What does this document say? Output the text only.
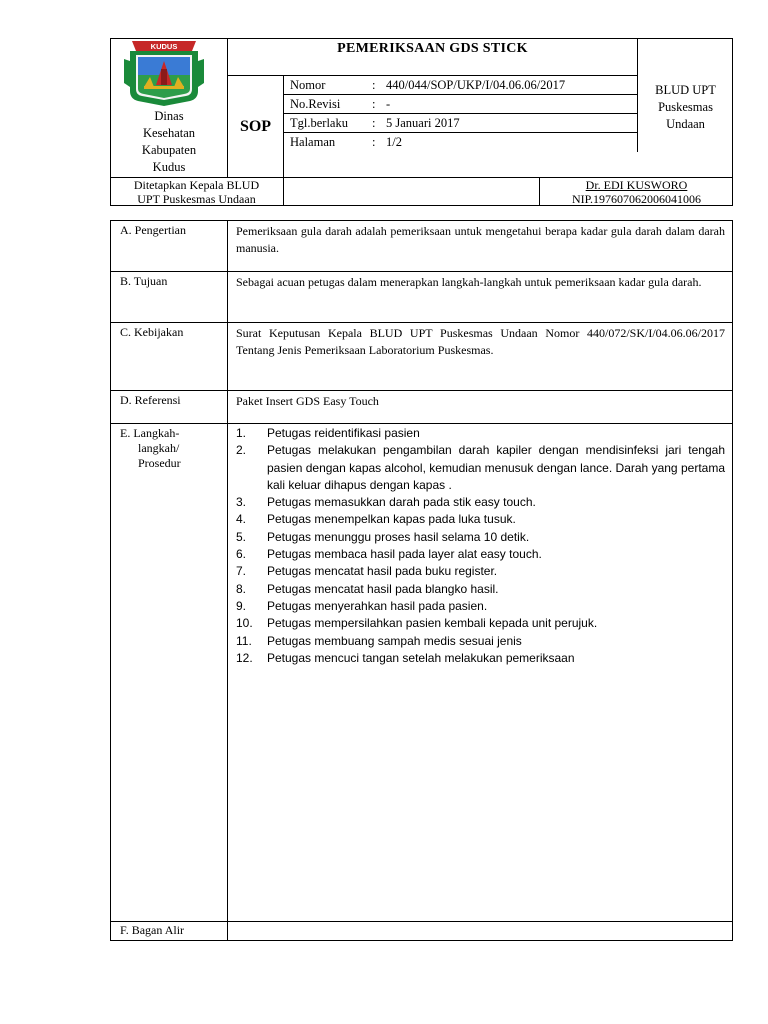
KUDUS
Dinas
Kesehatan
Kabupaten
Kudus
PEMERIKSAAN GDS STICK
SOP
Nomor	: 440/044/SOP/UKP/I/04.06.06/2017
No.Revisi	: -
Tgl.berlaku	: 5 Januari 2017
Halaman	: 1/2
BLUD UPT
Puskesmas
Undaan
Ditetapkan Kepala BLUD
UPT Puskesmas Undaan
Dr. EDI KUSWORO
NIP.197607062006041006
A. Pengertian	Pemeriksaan gula darah adalah pemeriksaan untuk mengetahui berapa kadar gula darah dalam darah manusia.
B. Tujuan	Sebagai acuan petugas dalam menerapkan langkah-langkah untuk pemeriksaan kadar gula darah.
C. Kebijakan	Surat Keputusan Kepala BLUD UPT Puskesmas Undaan Nomor 440/072/SK/I/04.06.06/2017 Tentang Jenis Pemeriksaan Laboratorium Puskesmas.
D. Referensi	Paket Insert GDS Easy Touch
E. Langkah-
langkah/
Prosedur
1.	Petugas reidentifikasi pasien
2.	Petugas melakukan pengambilan darah kapiler dengan mendisinfeksi jari tengah pasien dengan kapas alcohol, kemudian menusuk dengan lance. Darah yang pertama kali keluar dihapus dengan kapas .
3.	Petugas memasukkan darah pada stik easy touch.
4.	Petugas menempelkan kapas pada luka tusuk.
5.	Petugas menunggu proses hasil selama 10 detik.
6.	Petugas membaca hasil pada layer alat easy touch.
7.	Petugas mencatat hasil pada buku register.
8.	Petugas mencatat hasil pada blangko hasil.
9.	Petugas menyerahkan hasil pada pasien.
10.	Petugas mempersilahkan pasien kembali kepada unit perujuk.
11.	Petugas membuang sampah medis sesuai jenis
12.	Petugas mencuci tangan setelah melakukan pemeriksaan
F. Bagan Alir
